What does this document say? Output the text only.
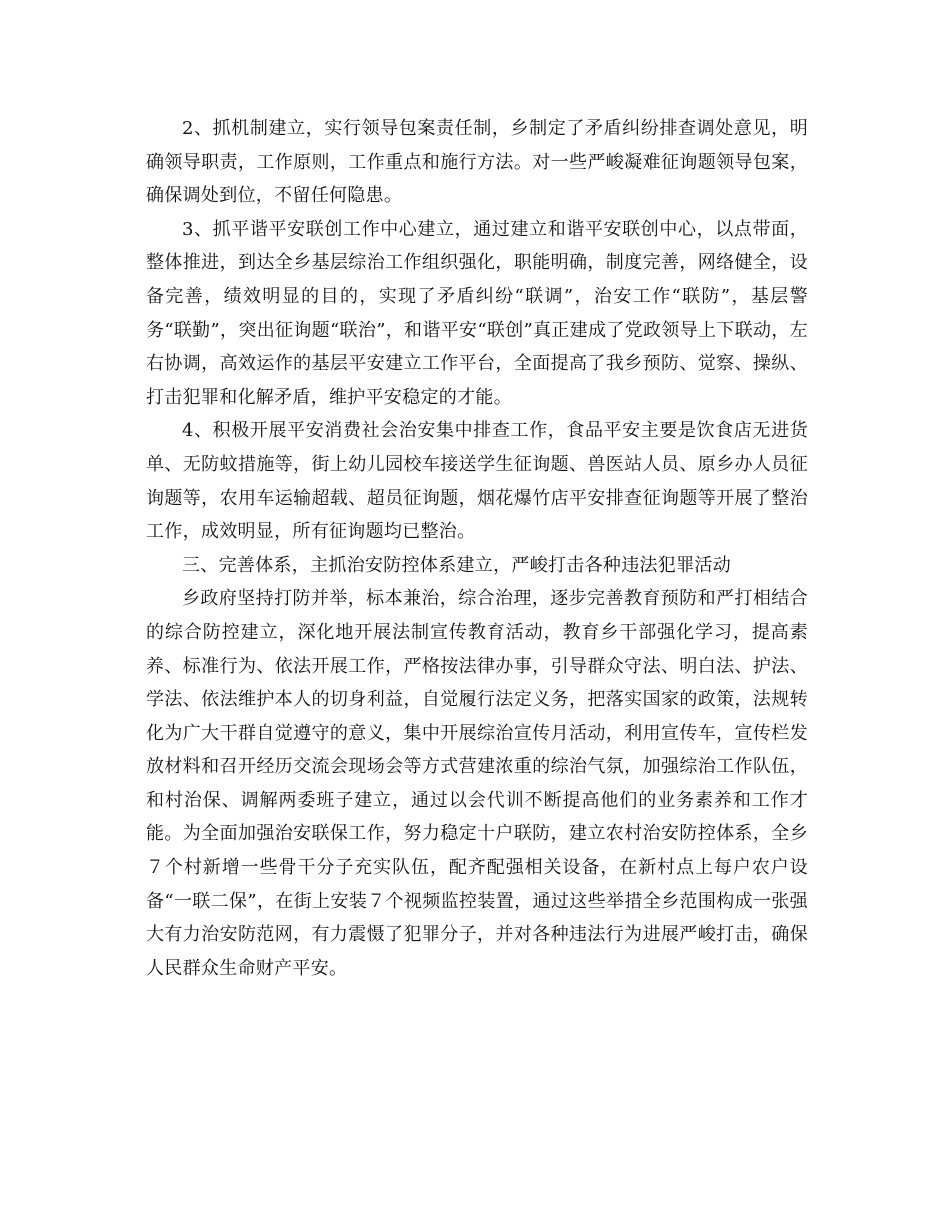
2、抓机制建立，实行领导包案责任制，乡制定了矛盾纠纷排查调处意见，明确领导职责，工作原则，工作重点和施行方法。对一些严峻凝难征询题领导包案，确保调处到位，不留任何隐患。

3、抓平谐平安联创工作中心建立，通过建立和谐平安联创中心，以点带面，整体推进，到达全乡基层综治工作组织强化，职能明确，制度完善，网络健全，设备完善，绩效明显的目的，实现了矛盾纠纷“联调”，治安工作“联防”，基层警务“联勤”，突出征询题“联治”，和谐平安“联创”真正建成了党政领导上下联动，左右协调，高效运作的基层平安建立工作平台，全面提高了我乡预防、觉察、操纵、打击犯罪和化解矛盾，维护平安稳定的才能。

4、积极开展平安消费社会治安集中排查工作，食品平安主要是饮食店无进货单、无防蚊措施等，街上幼儿园校车接送学生征询题、兽医站人员、原乡办人员征询题等，农用车运输超载、超员征询题，烟花爆竹店平安排查征询题等开展了整治工作，成效明显，所有征询题均已整治。

三、完善体系，主抓治安防控体系建立，严峻打击各种违法犯罪活动

乡政府坚持打防并举，标本兼治，综合治理，逐步完善教育预防和严打相结合的综合防控建立，深化地开展法制宣传教育活动，教育乡干部强化学习，提高素养、标准行为、依法开展工作，严格按法律办事，引导群众守法、明白法、护法、学法、依法维护本人的切身利益，自觉履行法定义务，把落实国家的政策，法规转化为广大干群自觉遵守的意义，集中开展综治宣传月活动，利用宣传车，宣传栏发放材料和召开经历交流会现场会等方式营建浓重的综治气氛，加强综治工作队伍，和村治保、调解两委班子建立，通过以会代训不断提高他们的业务素养和工作才能。为全面加强治安联保工作，努力稳定十户联防，建立农村治安防控体系，全乡７个村新增一些骨干分子充实队伍，配齐配强相关设备，在新村点上每户农户设备“一联二保”，在街上安装７个视频监控装置，通过这些举措全乡范围构成一张强大有力治安防范网，有力震慑了犯罪分子，并对各种违法行为进展严峻打击，确保人民群众生命财产平安。
